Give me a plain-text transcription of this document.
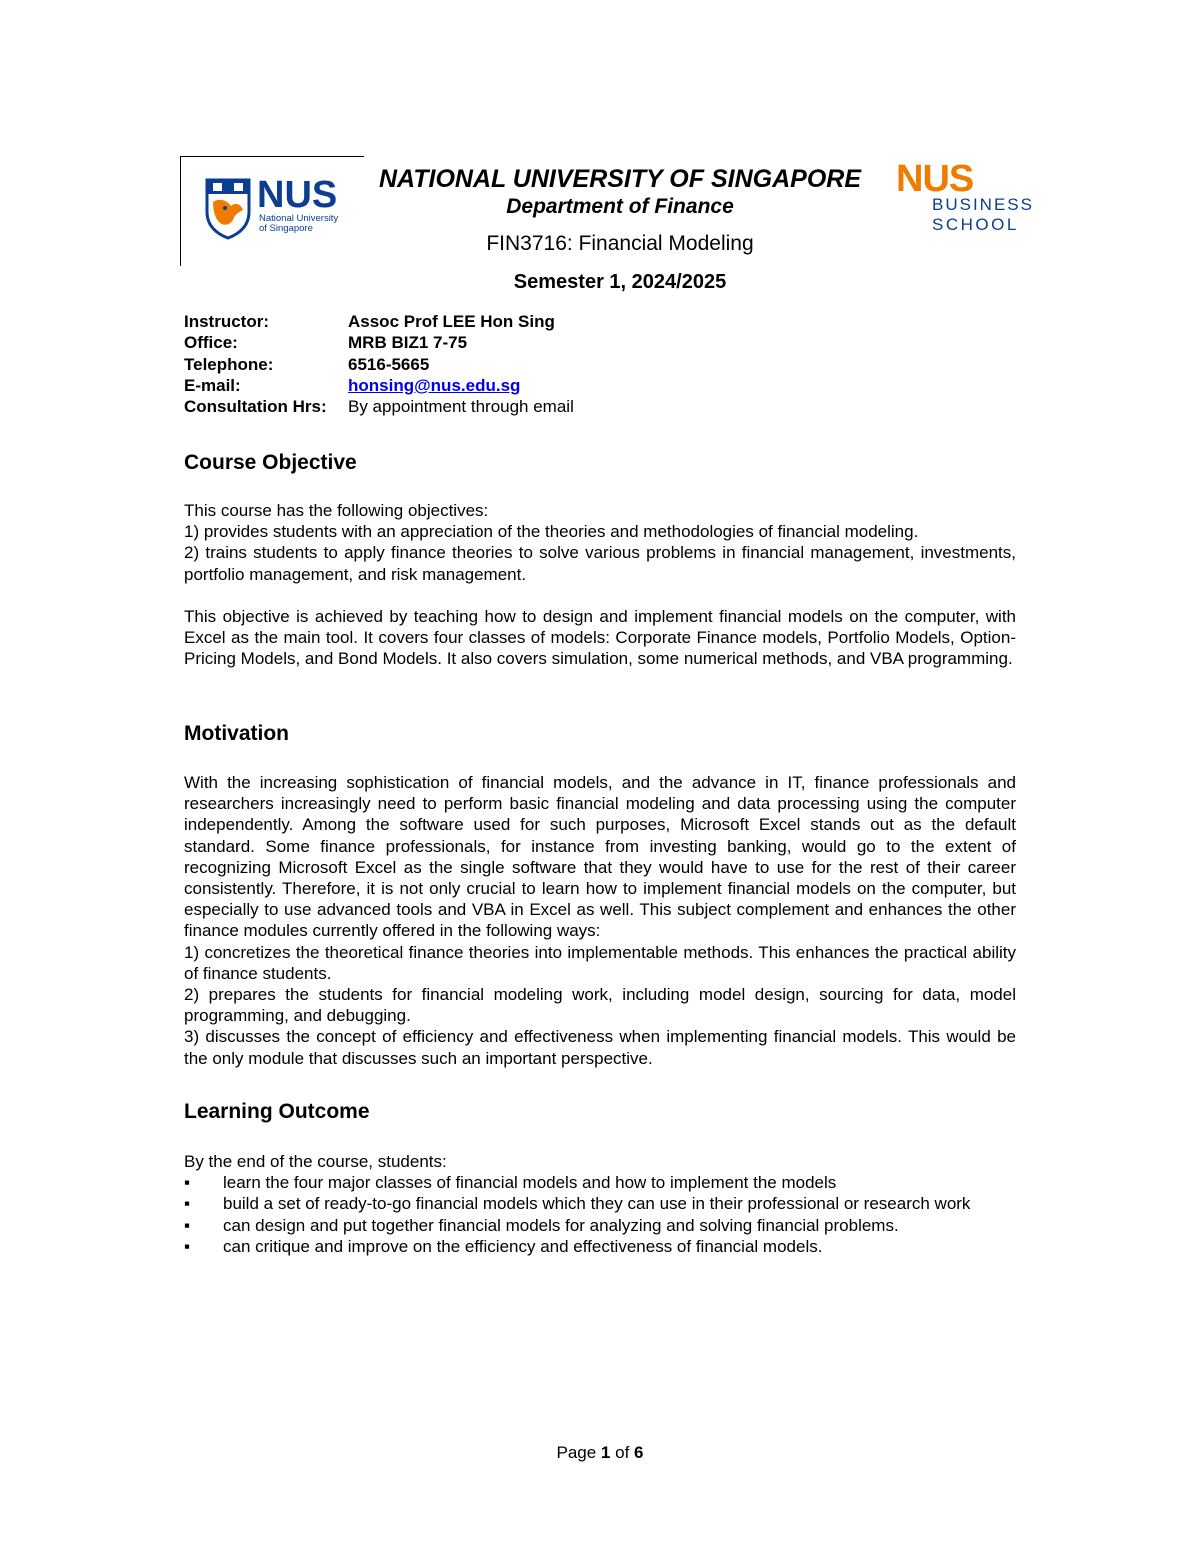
NUS
National University
of Singapore
NATIONAL UNIVERSITY OF SINGAPORE
Department of Finance
FIN3716: Financial Modeling
Semester 1, 2024/2025
NUS
BUSINESS
SCHOOL
Instructor:	Assoc Prof LEE Hon Sing
Office:	MRB BIZ1 7-75
Telephone:	6516-5665
E-mail:	honsing@nus.edu.sg
Consultation Hrs: By appointment through email
Course Objective

This course has the following objectives:

1) provides students with an appreciation of the theories and methodologies of financial modeling.

2) trains students to apply finance theories to solve various problems in financial management, investments, portfolio management, and risk management.

This objective is achieved by teaching how to design and implement financial models on the computer, with Excel as the main tool. It covers four classes of models: Corporate Finance models, Portfolio Models, Option-Pricing Models, and Bond Models. It also covers simulation, some numerical methods, and VBA programming.

Motivation

With the increasing sophistication of financial models, and the advance in IT, finance professionals and researchers increasingly need to perform basic financial modeling and data processing using the computer independently. Among the software used for such purposes, Microsoft Excel stands out as the default standard. Some finance professionals, for instance from investing banking, would go to the extent of recognizing Microsoft Excel as the single software that they would have to use for the rest of their career consistently. Therefore, it is not only crucial to learn how to implement financial models on the computer, but especially to use advanced tools and VBA in Excel as well. This subject complement and enhances the other finance modules currently offered in the following ways:

1) concretizes the theoretical finance theories into implementable methods. This enhances the practical ability of finance students.

2) prepares the students for financial modeling work, including model design, sourcing for data, model programming, and debugging.

3) discusses the concept of efficiency and effectiveness when implementing financial models. This would be the only module that discusses such an important perspective.

Learning Outcome

By the end of the course, students:

▪ learn the four major classes of financial models and how to implement the models
▪ build a set of ready-to-go financial models which they can use in their professional or research work
▪ can design and put together financial models for analyzing and solving financial problems.
▪ can critique and improve on the efficiency and effectiveness of financial models.
Page 1 of 6
